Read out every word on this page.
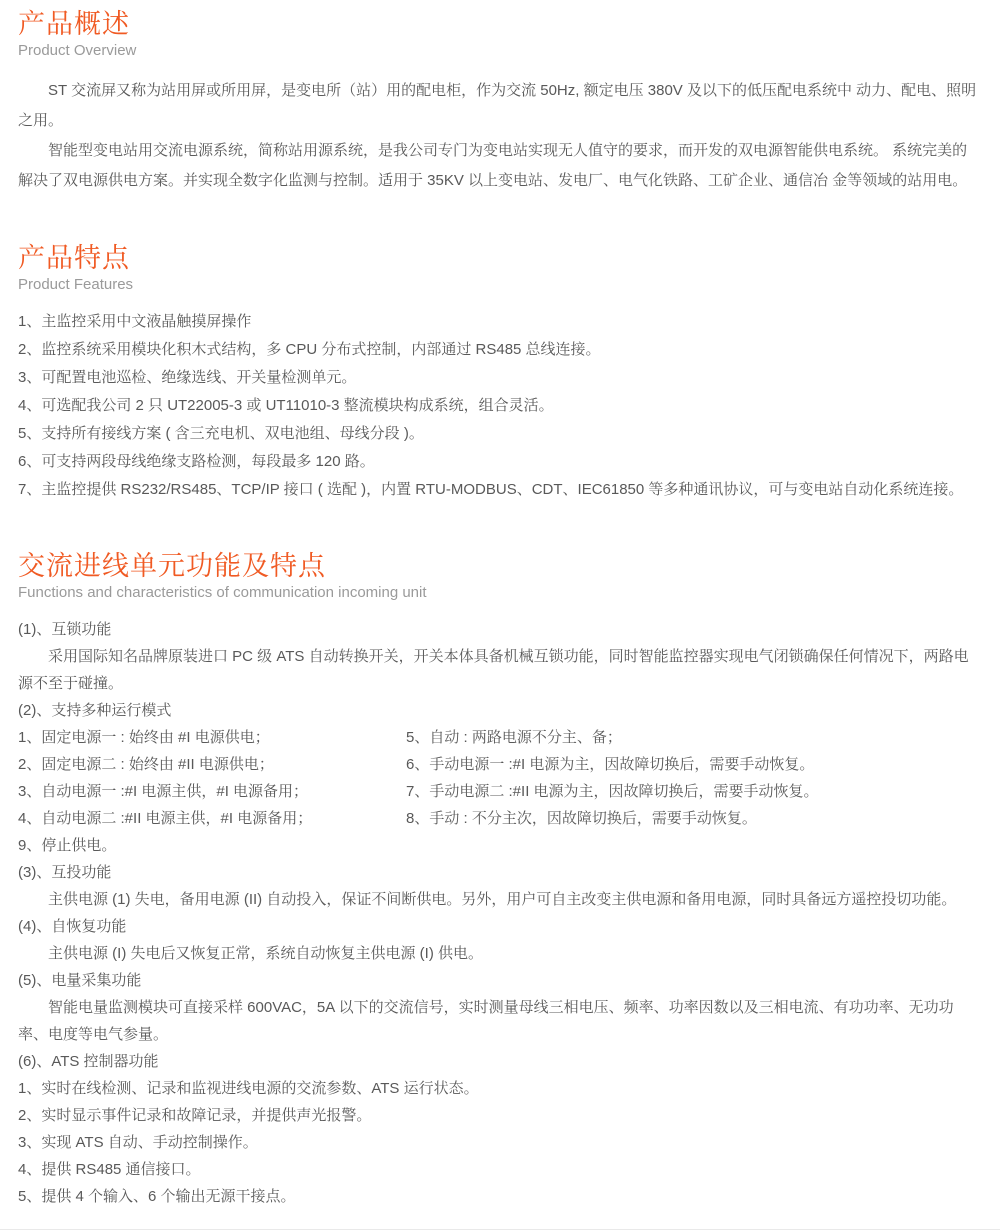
产品概述
Product Overview

ST 交流屏又称为站用屏或所用屏，是变电所（站）用的配电柜，作为交流 50Hz, 额定电压 380V 及以下的低压配电系统中 动力、配电、照明之用。

智能型变电站用交流电源系统，简称站用源系统，是我公司专门为变电站实现无人值守的要求，而开发的双电源智能供电系统。 系统完美的解决了双电源供电方案。并实现全数字化监测与控制。适用于 35KV 以上变电站、发电厂、电气化铁路、工矿企业、通信冶 金等领域的站用电。

产品特点
Product Features
1、主监控采用中文液晶触摸屏操作
2、监控系统采用模块化积木式结构，多 CPU 分布式控制，内部通过 RS485 总线连接。
3、可配置电池巡检、绝缘选线、开关量检测单元。
4、可选配我公司 2 只 UT22005-3 或 UT11010-3 整流模块构成系统，组合灵活。
5、支持所有接线方案 ( 含三充电机、双电池组、母线分段 )。
6、可支持两段母线绝缘支路检测，每段最多 120 路。
7、主监控提供 RS232/RS485、TCP/IP 接口 ( 选配 )，内置 RTU-MODBUS、CDT、IEC61850 等多种通讯协议，可与变电站自动化系统连接。
交流进线单元功能及特点
Functions and characteristics of communication incoming unit

(1)、互锁功能

采用国际知名品牌原装进口 PC 级 ATS 自动转换开关，开关本体具备机械互锁功能，同时智能监控器实现电气闭锁确保任何情况下，两路电源不至于碰撞。

(2)、支持多种运行模式

1、固定电源一 : 始终由 #I 电源供电；
2、固定电源二 : 始终由 #II 电源供电；
3、自动电源一 :#I 电源主供，#I 电源备用；
4、自动电源二 :#II 电源主供，#I 电源备用；
5、自动 : 两路电源不分主、备；
6、手动电源一 :#I 电源为主，因故障切换后，需要手动恢复。
7、手动电源二 :#II 电源为主，因故障切换后，需要手动恢复。
8、手动 : 不分主次，因故障切换后，需要手动恢复。

9、停止供电。

(3)、互投功能

主供电源 (1) 失电，备用电源 (II) 自动投入，保证不间断供电。另外，用户可自主改变主供电源和备用电源，同时具备远方遥控投切功能。

(4)、自恢复功能

主供电源 (I) 失电后又恢复正常，系统自动恢复主供电源 (I) 供电。

(5)、电量采集功能

智能电量监测模块可直接采样 600VAC，5A 以下的交流信号，实时测量母线三相电压、频率、功率因数以及三相电流、有功功率、无功功率、电度等电气参量。

(6)、ATS 控制器功能

1、实时在线检测、记录和监视进线电源的交流参数、ATS 运行状态。
2、实时显示事件记录和故障记录，并提供声光报警。
3、实现 ATS 自动、手动控制操作。
4、提供 RS485 通信接口。
5、提供 4 个输入、6 个输出无源干接点。
